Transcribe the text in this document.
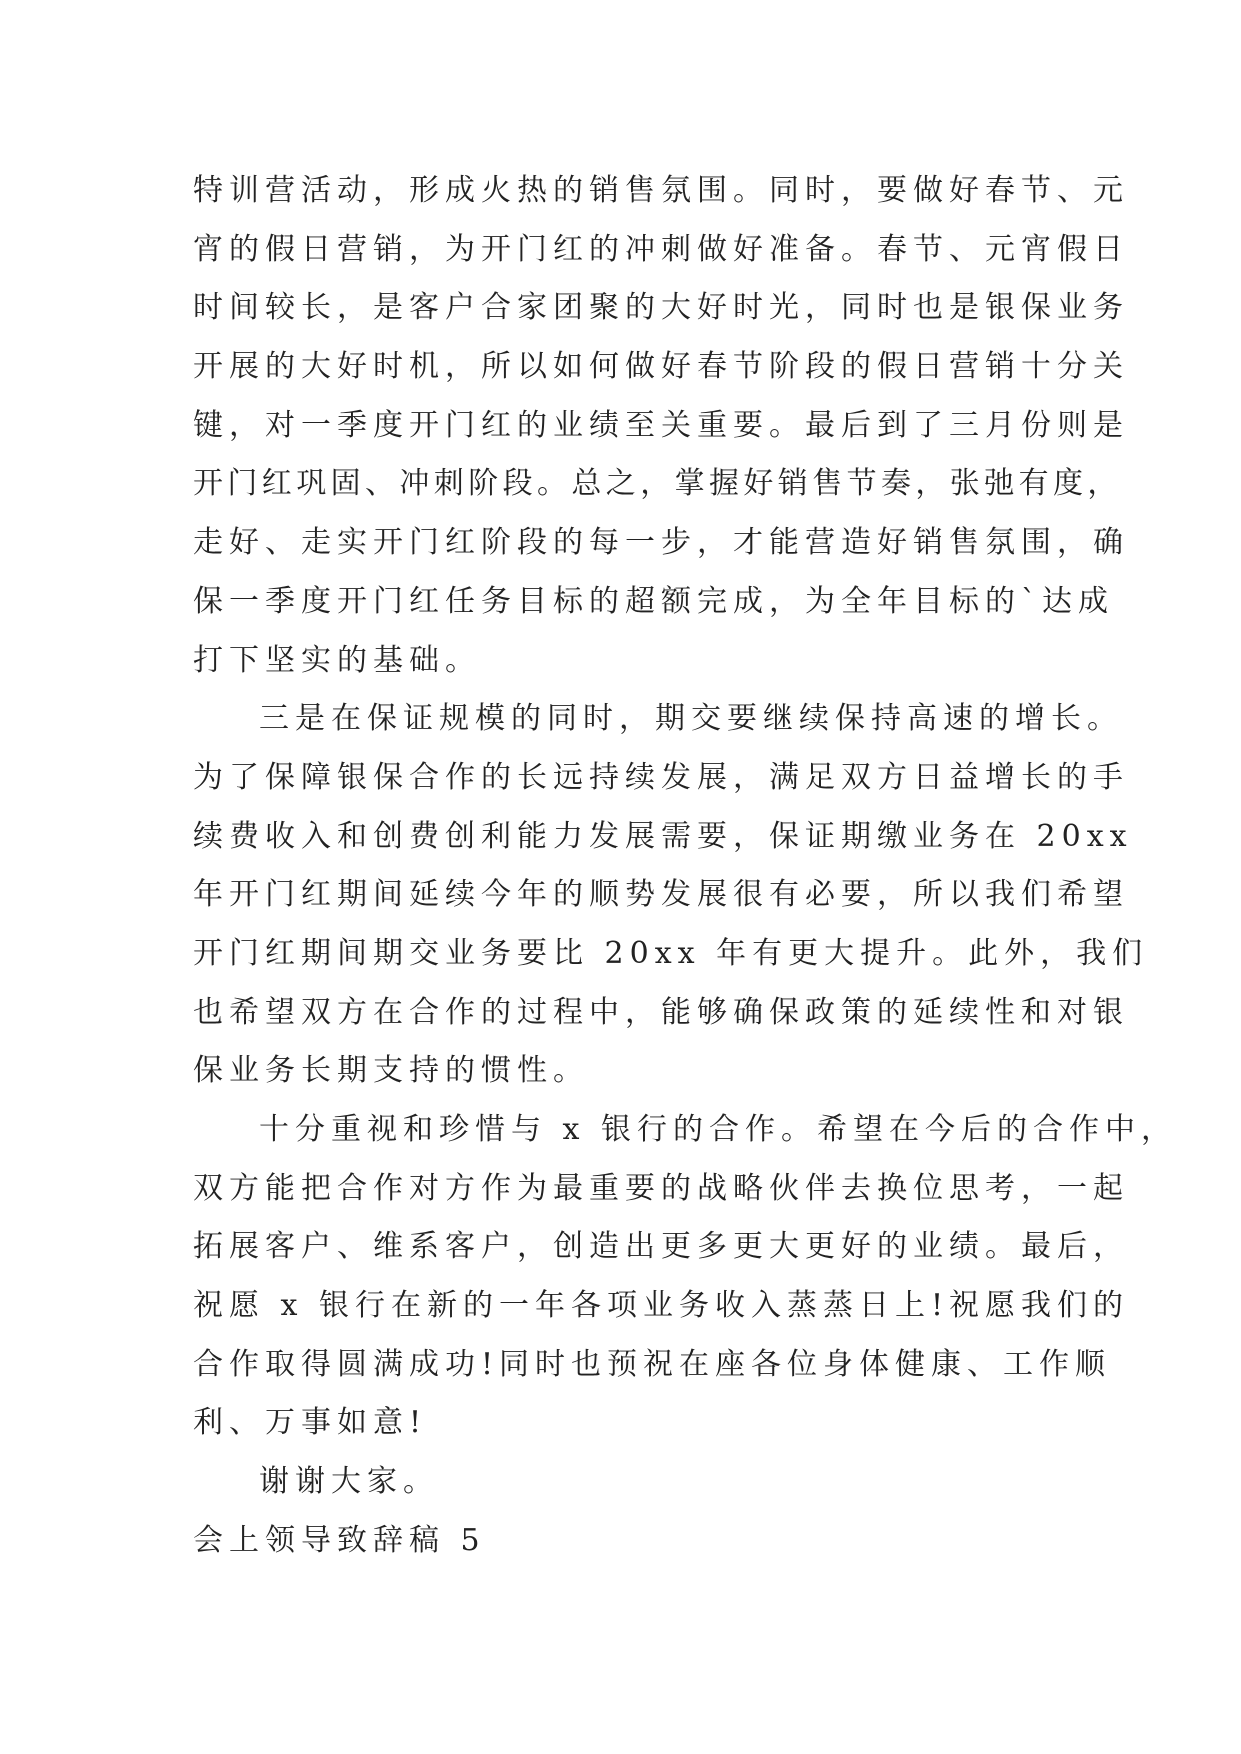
特训营活动，形成火热的销售氛围。同时，要做好春节、元
宵的假日营销，为开门红的冲刺做好准备。春节、元宵假日
时间较长，是客户合家团聚的大好时光，同时也是银保业务
开展的大好时机，所以如何做好春节阶段的假日营销十分关
键，对一季度开门红的业绩至关重要。最后到了三月份则是
开门红巩固、冲刺阶段。总之，掌握好销售节奏，张弛有度，
走好、走实开门红阶段的每一步，才能营造好销售氛围，确
保一季度开门红任务目标的超额完成，为全年目标的`达成
打下坚实的基础。
三是在保证规模的同时，期交要继续保持高速的增长。
为了保障银保合作的长远持续发展，满足双方日益增长的手
续费收入和创费创利能力发展需要，保证期缴业务在 20xx
年开门红期间延续今年的顺势发展很有必要，所以我们希望
开门红期间期交业务要比 20xx 年有更大提升。此外，我们
也希望双方在合作的过程中，能够确保政策的延续性和对银
保业务长期支持的惯性。
十分重视和珍惜与 x 银行的合作。希望在今后的合作中，
双方能把合作对方作为最重要的战略伙伴去换位思考，一起
拓展客户、维系客户，创造出更多更大更好的业绩。最后，
祝愿 x 银行在新的一年各项业务收入蒸蒸日上!祝愿我们的
合作取得圆满成功!同时也预祝在座各位身体健康、工作顺
利、万事如意!
谢谢大家。
会上领导致辞稿 5
